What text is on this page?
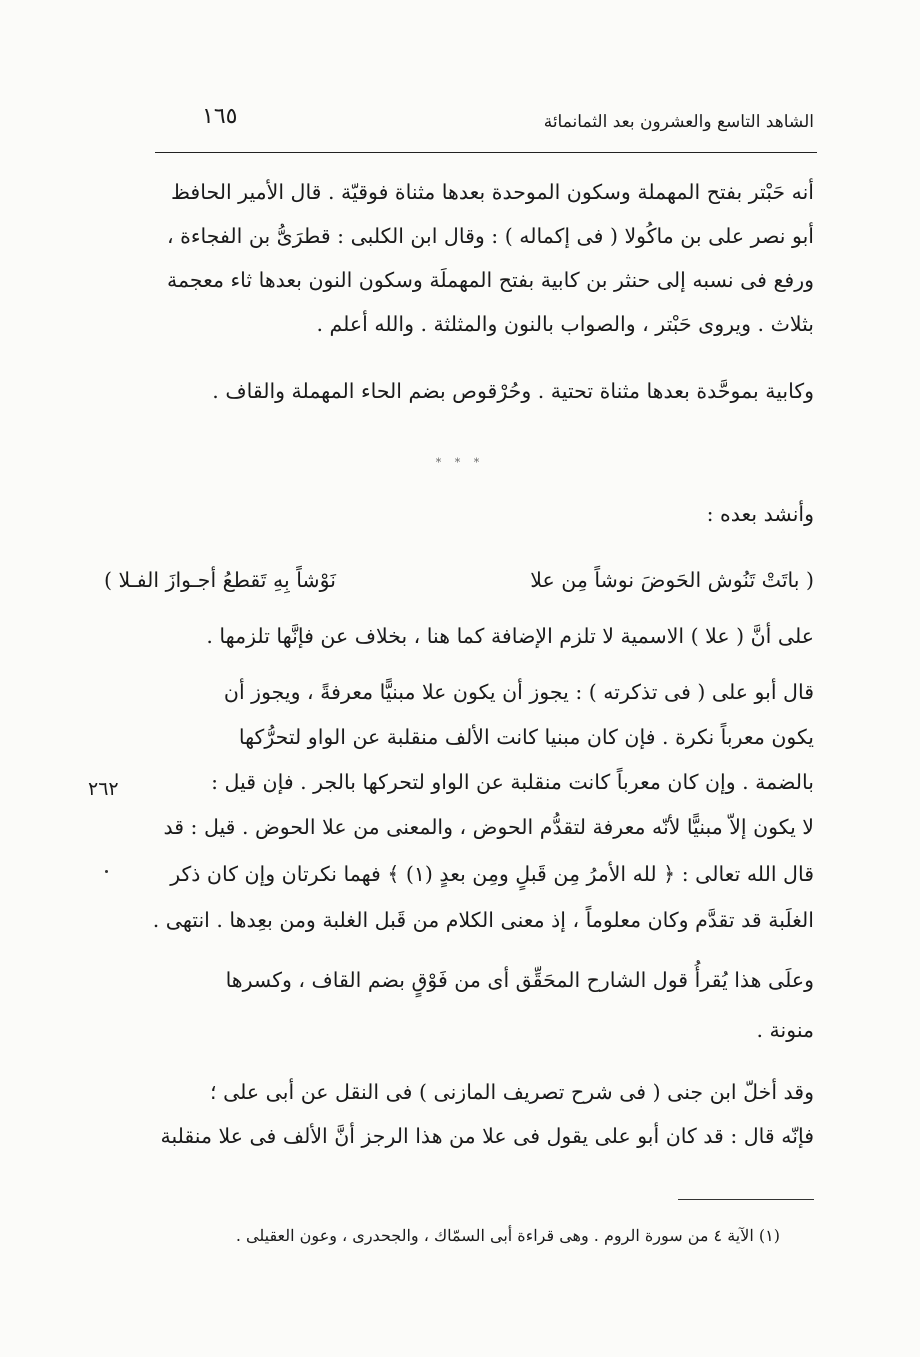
الشاهد التاسع والعشرون بعد الثمانمائة
١٦٥
أنه حَبْتر بفتح المهملة وسكون الموحدة بعدها مثناة فوقيّة . قال الأمير الحافظ
أبو نصر على بن ماكُولا ( فى إكماله ) : وقال ابن الكلبى : قطرَىُّ بن الفجاءة ،
ورفع فى نسبه إلى حنثر بن كابية بفتح المهملَة وسكون النون بعدها ثاء معجمة
بثلاث . ويروى حَبْتر ، والصواب بالنون والمثلثة . والله أعلم .
وكابية بموحَّدة بعدها مثناة تحتية . وحُرْقوص بضم الحاء المهملة والقاف .
* * *
وأنشد بعده :
( باتَتْ تَنُوش الحَوضَ نوشاً مِن علا
نَوْشاً بِهِ تَقطعُ أجـوازَ الفـلا )
على أنَّ ( علا ) الاسمية لا تلزم الإضافة كما هنا ، بخلاف عن فإنَّها تلزمها .
قال أبو على ( فى تذكرته ) : يجوز أن يكون علا مبنيًّا معرفةً ، ويجوز أن
يكون معرباً نكرة . فإن كان مبنيا كانت الألف منقلبة عن الواو لتحرُّكها
بالضمة . وإن كان معرباً كانت منقلبة عن الواو لتحركها بالجر . فإن قيل :
لا يكون إلاّ مبنيًّا لأنّه معرفة لتقدُّم الحوض ، والمعنى من علا الحوض . قيل : قد
قال الله تعالى : ﴿ لله الأمرُ مِن قَبلٍ ومِن بعدٍ (١) ﴾ فهما نكرتان وإن كان ذكر
الغلَبة قد تقدَّم وكان معلوماً ، إذ معنى الكلام من قَبل الغلبة ومن بعِدها . انتهى .
وعلَى هذا يُقرأُ قول الشارح المحَقِّق أى من فَوْقٍ بضم القاف ، وكسرها
منونة .
وقد أخلّ ابن جنى ( فى شرح تصريف المازنى ) فى النقل عن أبى على ؛
فإنّه قال : قد كان أبو على يقول فى علا من هذا الرجز أنَّ الألف فى علا منقلبة
٢٦٢
(١) الآية ٤ من سورة الروم . وهى قراءة أبى السمّاك ، والجحدرى ، وعون العقيلى .
